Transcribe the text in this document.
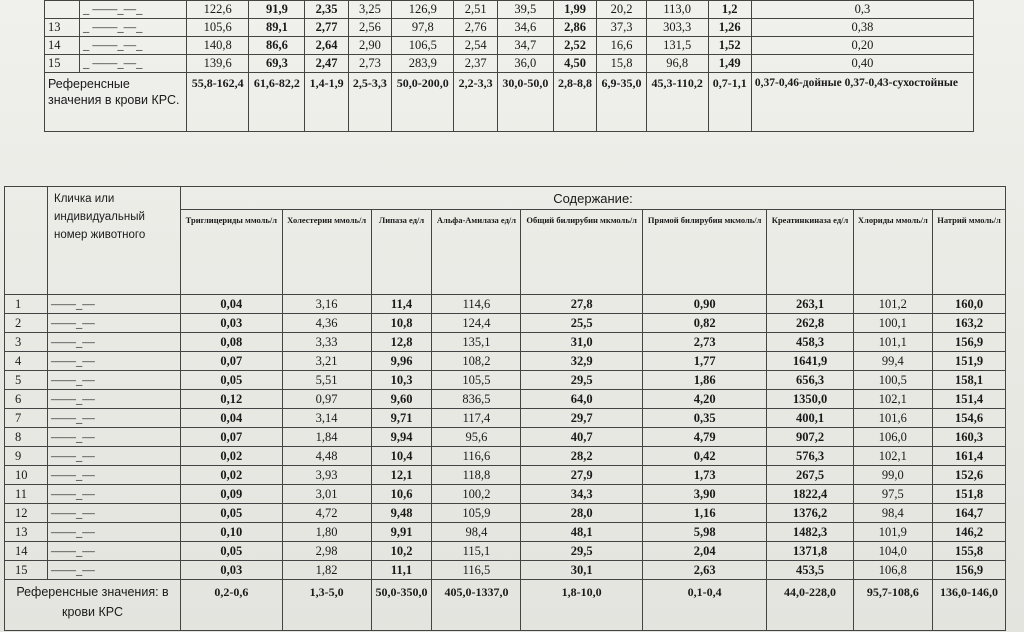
	_ ——_—_	122,6	91,9	2,35	3,25	126,9	2,51	39,5	1,99	20,2	113,0	1,2	0,3
13	_ ——_—_	105,6	89,1	2,77	2,56	97,8	2,76	34,6	2,86	37,3	303,3	1,26	0,38
14	_ ——_—_	140,8	86,6	2,64	2,90	106,5	2,54	34,7	2,52	16,6	131,5	1,52	0,20
15	_ ——_—_	139,6	69,3	2,47	2,73	283,9	2,37	36,0	4,50	15,8	96,8	1,49	0,40
Референсные значения в крови КРС.		55,8-162,4	61,6-82,2	1,4-1,9	2,5-3,3	50,0-200,0	2,2-3,3	30,0-50,0	2,8-8,8	6,9-35,0	45,3-110,2	0,7-1,1	0,37-0,46-дойные 0,37-0,43-сухостойные
	Кличка или индивидуальный номер животного	Содержание:								
		Триглицериды ммоль/л	Холестерин ммоль/л	Липаза ед/л	Альфа-Амилаза ед/л	Общий билирубин мкмоль/л	Прямой билирубин мкмоль/л	Креатинкиназа ед/л	Хлориды ммоль/л	Натрий ммоль/л
1	——_—	0,04	3,16	11,4	114,6	27,8	0,90	263,1	101,2	160,0
2	——_—	0,03	4,36	10,8	124,4	25,5	0,82	262,8	100,1	163,2
3	——_—	0,08	3,33	12,8	135,1	31,0	2,73	458,3	101,1	156,9
4	——_—	0,07	3,21	9,96	108,2	32,9	1,77	1641,9	99,4	151,9
5	——_—	0,05	5,51	10,3	105,5	29,5	1,86	656,3	100,5	158,1
6	——_—	0,12	0,97	9,60	836,5	64,0	4,20	1350,0	102,1	151,4
7	——_—	0,04	3,14	9,71	117,4	29,7	0,35	400,1	101,6	154,6
8	——_—	0,07	1,84	9,94	95,6	40,7	4,79	907,2	106,0	160,3
9	——_—	0,02	4,48	10,4	116,6	28,2	0,42	576,3	102,1	161,4
10	——_—	0,02	3,93	12,1	118,8	27,9	1,73	267,5	99,0	152,6
11	——_—	0,09	3,01	10,6	100,2	34,3	3,90	1822,4	97,5	151,8
12	——_—	0,05	4,72	9,48	105,9	28,0	1,16	1376,2	98,4	164,7
13	——_—	0,10	1,80	9,91	98,4	48,1	5,98	1482,3	101,9	146,2
14	——_—	0,05	2,98	10,2	115,1	29,5	2,04	1371,8	104,0	155,8
15	——_—	0,03	1,82	11,1	116,5	30,1	2,63	453,5	106,8	156,9
Референсные значения: в крови КРС		0,2-0,6	1,3-5,0	50,0-350,0	405,0-1337,0	1,8-10,0	0,1-0,4	44,0-228,0	95,7-108,6	136,0-146,0
